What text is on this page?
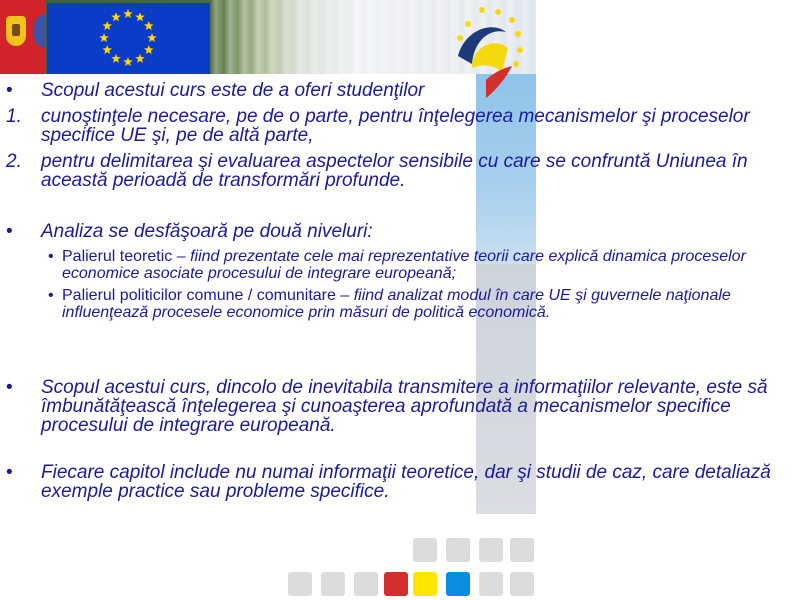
•	Scopul acestui curs este de a oferi studenţilor
1.	cunoştinţele necesare, pe de o parte, pentru înţelegerea mecanismelor şi proceselor specifice UE şi, pe de altă parte,
2.	pentru delimitarea şi evaluarea aspectelor sensibile cu care se confruntă Uniunea în această perioadă de transformări profunde.
•	Analiza se desfăşoară pe două niveluri:
• Palierul teoretic – fiind prezentate cele mai reprezentative teorii care explică dinamica proceselor economice asociate procesului de integrare europeană;
• Palierul politicilor comune / comunitare – fiind analizat modul în care UE şi guvernele naţionale influenţează procesele economice prin măsuri de politică economică.
•	Scopul acestui curs, dincolo de inevitabila transmitere a informaţiilor relevante, este să îmbunătăţească înţelegerea şi cunoaşterea aprofundată a mecanismelor specifice procesului de integrare europeană.
•	Fiecare capitol include nu numai informaţii teoretice, dar şi studii de caz, care detaliază exemple practice sau probleme specifice.
